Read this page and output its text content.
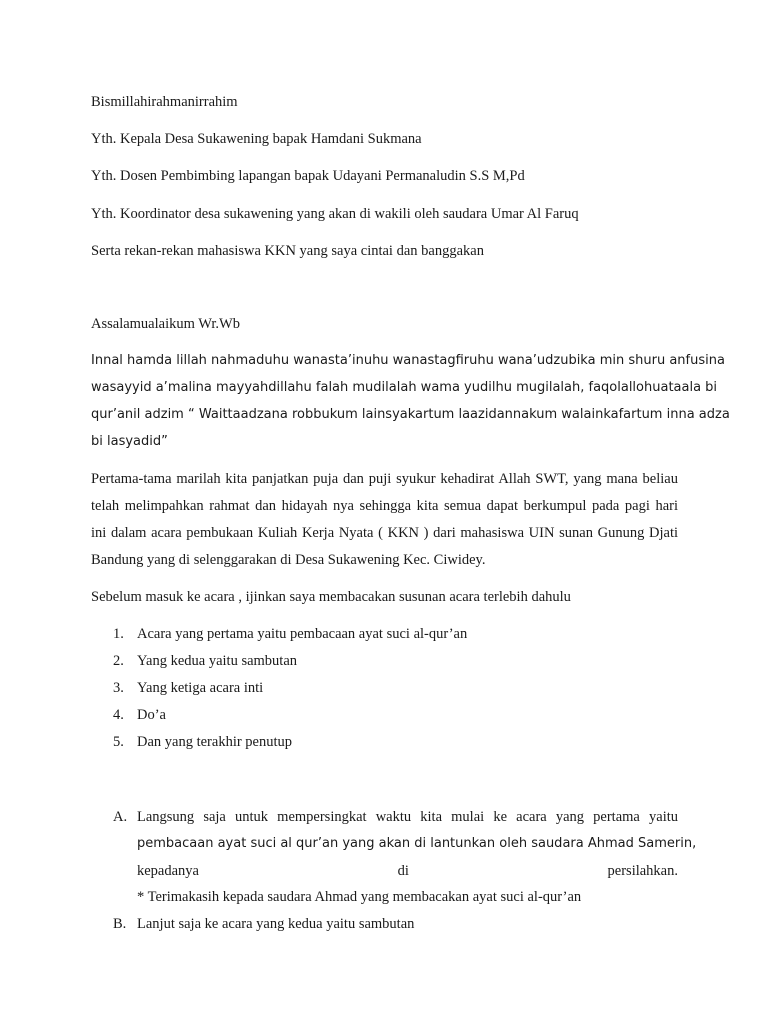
Bismillahirahmanirrahim
Yth. Kepala Desa Sukawening bapak Hamdani Sukmana
Yth. Dosen Pembimbing lapangan bapak Udayani Permanaludin S.S M,Pd
Yth. Koordinator desa sukawening yang akan di wakili oleh saudara Umar Al Faruq
Serta rekan-rekan mahasiswa KKN yang saya cintai dan banggakan
Assalamualaikum Wr.Wb
Innal hamda lillah nahmaduhu wanasta’inuhu wanastagfiruhu wana’udzubika min shuru anfusina
wasayyid a’malina mayyahdillahu falah mudilalah wama yudilhu mugilalah, faqolallohuataala bi
qur’anil adzim “ Waittaadzana robbukum lainsyakartum laazidannakum walainkafartum inna adza
bi lasyadid”
Pertama-tama marilah kita panjatkan puja dan puji syukur kehadirat Allah SWT, yang mana beliau
telah melimpahkan rahmat dan hidayah nya sehingga kita semua dapat berkumpul pada pagi hari
ini dalam acara pembukaan Kuliah Kerja Nyata ( KKN ) dari mahasiswa UIN sunan Gunung Djati
Bandung yang di selenggarakan di Desa Sukawening Kec. Ciwidey.
Sebelum masuk ke acara , ijinkan saya membacakan susunan acara terlebih dahulu
1. Acara yang pertama yaitu pembacaan ayat suci al-qur’an
2. Yang kedua yaitu sambutan
3. Yang ketiga acara inti
4. Do’a
5. Dan yang terakhir penutup
A. Langsung saja untuk mempersingkat waktu kita mulai ke acara yang pertama yaitu
pembacaan ayat suci al qur’an yang akan di lantunkan oleh saudara Ahmad Samerin,
kepadanya	di	persilahkan.
* Terimakasih kepada saudara Ahmad yang membacakan ayat suci al-qur’an
B. Lanjut saja ke acara yang kedua yaitu sambutan
